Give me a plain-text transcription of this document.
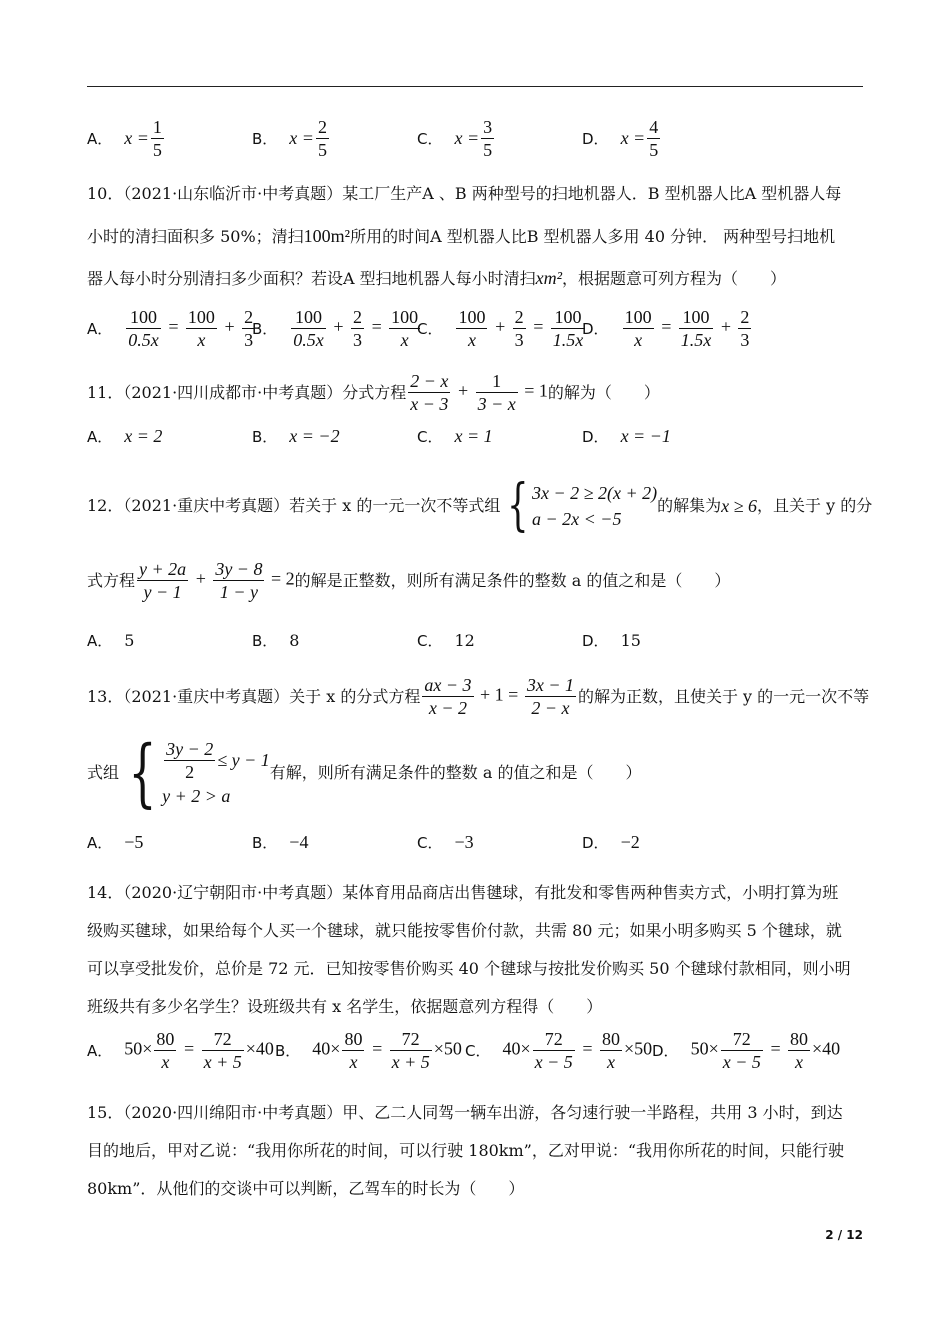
A． $x = \frac{1}{5}$	B． $x = \frac{2}{5}$	C． $x = \frac{3}{5}$	D． $x = \frac{4}{5}$
10．（2021·山东临沂市·中考真题）某工厂生产A 、B 两种型号的扫地机器人．B 型机器人比A 型机器人每
小时的清扫面积多 50%；清扫100m²所用的时间A 型机器人比B 型机器人多用 40 分钟． 两种型号扫地机
器人每小时分别清扫多少面积？若设A 型扫地机器人每小时清扫xm²，根据题意可列方程为（　　）
A． $\frac{100}{0.5x} = \frac{100}{x} + \frac{2}{3}$
B． $\frac{100}{0.5x} + \frac{2}{3} = \frac{100}{x}$
C． $\frac{100}{x} + \frac{2}{3} = \frac{100}{1.5x}$
D． $\frac{100}{x} = \frac{100}{1.5x} + \frac{2}{3}$
11．（2021·四川成都市·中考真题）分式方程 $\frac{2 - x}{x - 3} + \frac{1}{3 - x} = 1$ 的解为（　　）
A． x = 2	B． x = −2	C． x = 1	D． x = −1
12．（2021·重庆中考真题）若关于 x 的一元一次不等式组 { 3x − 2 ≥ 2(x + 2)
a − 2x < −5
的解集为 x ≥ 6 ，且关于 y 的分
式方程 $\frac{y + 2a}{y - 1} + \frac{3y - 8}{1 - y} = 2$ 的解是正整数，则所有满足条件的整数 a 的值之和是（　　）
A． 5	B． 8	C． 12	D． 15
13．（2021·重庆中考真题）关于 x 的分式方程 $\frac{ax - 3}{x - 2} + 1 = \frac{3x - 1}{2 - x}$ 的解为正数，且使关于 y 的一元一次不等
式组 { $\frac{3y - 2}{2} \le y - 1$
y + 2 > a
有解，则所有满足条件的整数 a 的值之和是（　　）
A． −5	B． −4	C． −3	D． −2
14．（2020·辽宁朝阳市·中考真题）某体育用品商店出售毽球，有批发和零售两种售卖方式，小明打算为班
级购买毽球，如果给每个人买一个毽球，就只能按零售价付款，共需 80 元；如果小明多购买 5 个毽球，就
可以享受批发价，总价是 72 元．已知按零售价购买 40 个毽球与按批发价购买 50 个毽球付款相同，则小明
班级共有多少名学生？设班级共有 x 名学生，依据题意列方程得（　　）
A． $50\times \frac{80}{x} = \frac{72}{x + 5} \times 40$ B． $40\times \frac{80}{x} = \frac{72}{x + 5} \times 50$ C． $40\times \frac{72}{x - 5} = \frac{80}{x} \times 50$ D． $50\times \frac{72}{x - 5} = \frac{80}{x} \times 40$
15．（2020·四川绵阳市·中考真题）甲、乙二人同驾一辆车出游，各匀速行驶一半路程，共用 3 小时，到达
目的地后，甲对乙说：“我用你所花的时间，可以行驶 180km”，乙对甲说：“我用你所花的时间，只能行驶
80km”．从他们的交谈中可以判断，乙驾车的时长为（　　）
2 / 12
